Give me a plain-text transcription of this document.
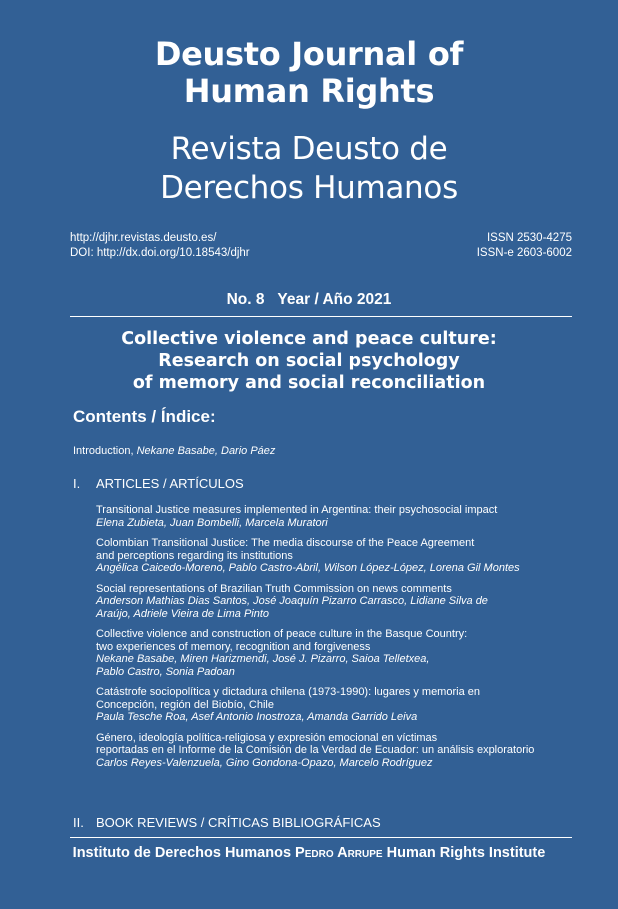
Deusto Journal of
Human Rights
Revista Deusto de
Derechos Humanos
http://djhr.revistas.deusto.es/
DOI: http://dx.doi.org/10.18543/djhr
ISSN 2530-4275
ISSN-e 2603-6002
No. 8 Year / Año 2021
Collective violence and peace culture:
Research on social psychology
of memory and social reconciliation
Contents / Índice:
Introduction, Nekane Basabe, Dario Páez
I. ARTICLES / ARTÍCULOS
Transitional Justice measures implemented in Argentina: their psychosocial impact
Elena Zubieta, Juan Bombelli, Marcela Muratori
Colombian Transitional Justice: The media discourse of the Peace Agreement
and perceptions regarding its institutions
Angélica Caicedo-Moreno, Pablo Castro-Abril, Wilson López-López, Lorena Gil Montes
Social representations of Brazilian Truth Commission on news comments
Anderson Mathias Dias Santos, José Joaquín Pizarro Carrasco, Lidiane Silva de
Araújo, Adriele Vieira de Lima Pinto
Collective violence and construction of peace culture in the Basque Country:
two experiences of memory, recognition and forgiveness
Nekane Basabe, Miren Harizmendi, José J. Pizarro, Saioa Telletxea,
Pablo Castro, Sonia Padoan
Catástrofe sociopolítica y dictadura chilena (1973-1990): lugares y memoria en
Concepción, región del Biobío, Chile
Paula Tesche Roa, Asef Antonio Inostroza, Amanda Garrido Leiva
Género, ideología política-religiosa y expresión emocional en víctimas
reportadas en el Informe de la Comisión de la Verdad de Ecuador: un análisis exploratorio
Carlos Reyes-Valenzuela, Gino Gondona-Opazo, Marcelo Rodríguez
II. BOOK REVIEWS / CRÍTICAS BIBLIOGRÁFICAS
Instituto de Derechos Humanos Pedro Arrupe Human Rights Institute
